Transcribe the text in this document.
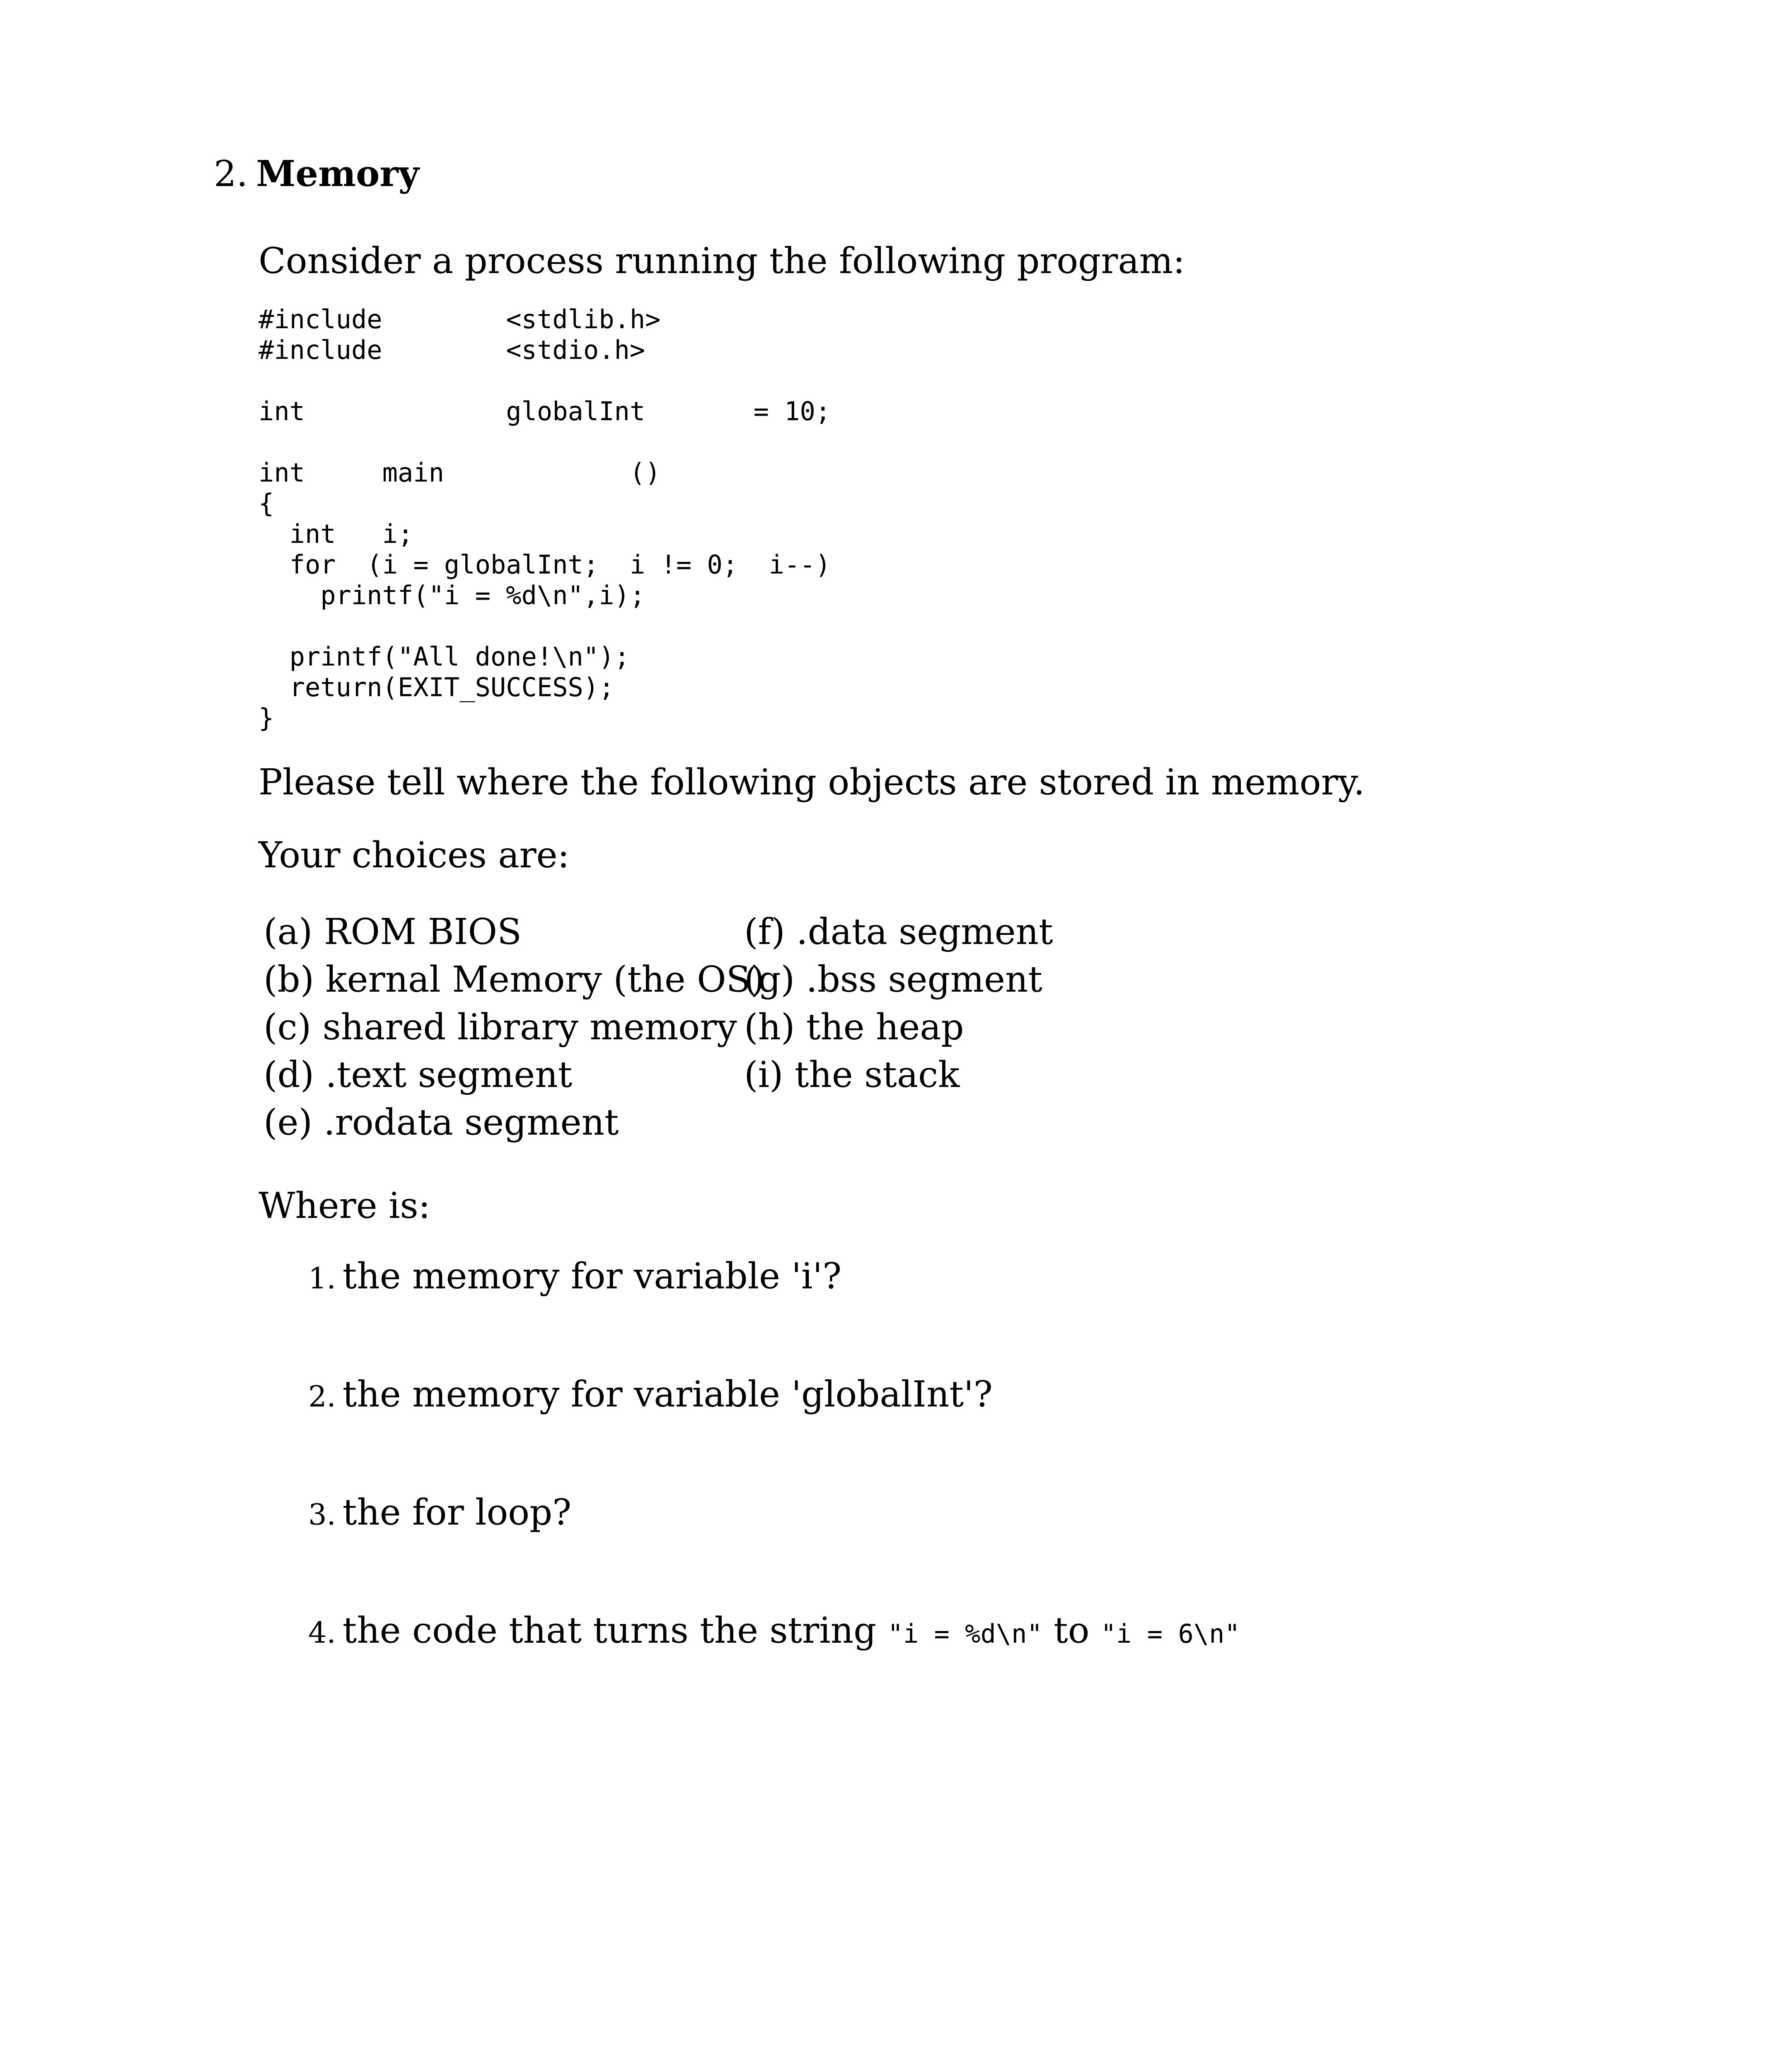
2. Memory
Consider a process running the following program:
#include        <stdlib.h>
#include        <stdio.h>

int             globalInt       = 10;

int     main            ()
{
int   i;
for  (i = globalInt;  i != 0;  i--)
printf("i = %d\n",i);

printf("All done!\n");
return(EXIT_SUCCESS);
}
Please tell where the following objects are stored in memory.
Your choices are:
(a) ROM BIOS	(f) .data segment
(b) kernal Memory (the OS)
(g) .bss segment
(c) shared library memory (h) the heap
(d) .text segment	(i) the stack
(e) .rodata segment
Where is:
1. the memory for variable 'i'?
2. the memory for variable 'globalInt'?
3. the for loop?
4. the code that turns the string "i = %d\n" to "i = 6\n"
